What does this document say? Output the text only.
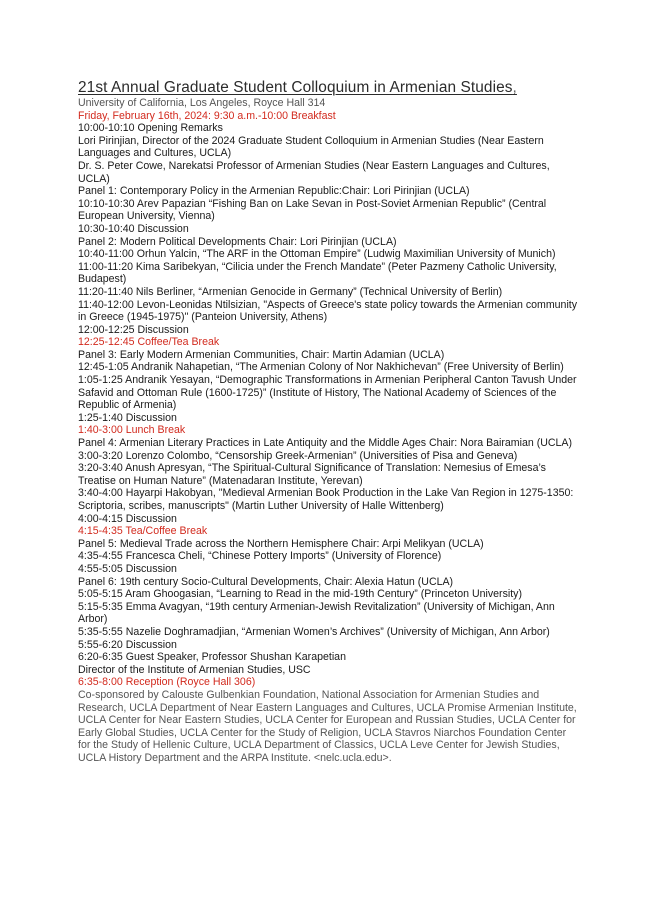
21st Annual Graduate Student Colloquium in Armenian Studies,
University of California, Los Angeles, Royce Hall 314
Friday, February 16th, 2024: 9:30 a.m.-10:00 Breakfast
10:00-10:10 Opening Remarks
Lori Pirinjian, Director of the 2024 Graduate Student Colloquium in Armenian Studies (Near Eastern Languages and Cultures, UCLA)
Dr. S. Peter Cowe, Narekatsi Professor of Armenian Studies (Near Eastern Languages and Cultures, UCLA)
Panel 1: Contemporary Policy in the Armenian Republic:Chair: Lori Pirinjian (UCLA)
10:10-10:30 Arev Papazian “Fishing Ban on Lake Sevan in Post-Soviet Armenian Republic” (Central European University, Vienna)
10:30-10:40 Discussion
Panel 2: Modern Political Developments Chair: Lori Pirinjian (UCLA)
10:40-11:00 Orhun Yalcin, “The ARF in the Ottoman Empire” (Ludwig Maximilian University of Munich)
11:00-11:20 Kima Saribekyan, “Cilicia under the French Mandate” (Peter Pazmeny Catholic University, Budapest)
11:20-11:40 Nils Berliner, “Armenian Genocide in Germany” (Technical University of Berlin)
11:40-12:00 Levon-Leonidas Ntilsizian, "Aspects of Greece's state policy towards the Armenian community in Greece (1945-1975)" (Panteion University, Athens)
12:00-12:25 Discussion
12:25-12:45 Coffee/Tea Break
Panel 3: Early Modern Armenian Communities, Chair: Martin Adamian (UCLA)
12:45-1:05 Andranik Nahapetian, “The Armenian Colony of Nor Nakhichevan” (Free University of Berlin)
1:05-1:25 Andranik Yesayan, “Demographic Transformations in Armenian Peripheral Canton Tavush Under Safavid and Ottoman Rule (1600-1725)” (Institute of History, The National Academy of Sciences of the Republic of Armenia)
1:25-1:40 Discussion
1:40-3:00 Lunch Break
Panel 4: Armenian Literary Practices in Late Antiquity and the Middle Ages Chair: Nora Bairamian (UCLA)
3:00-3:20 Lorenzo Colombo, “Censorship Greek-Armenian” (Universities of Pisa and Geneva)
3:20-3:40 Anush Apresyan, “The Spiritual-Cultural Significance of Translation: Nemesius of Emesa’s Treatise on Human Nature” (Matenadaran Institute, Yerevan)
3:40-4:00 Hayarpi Hakobyan, "Medieval Armenian Book Production in the Lake Van Region in 1275-1350: Scriptoria, scribes, manuscripts" (Martin Luther University of Halle Wittenberg)
4:00-4:15 Discussion
4:15-4:35 Tea/Coffee Break
Panel 5: Medieval Trade across the Northern Hemisphere Chair: Arpi Melikyan (UCLA)
4:35-4:55 Francesca Cheli, “Chinese Pottery Imports” (University of Florence)
4:55-5:05 Discussion
Panel 6: 19th century Socio-Cultural Developments, Chair: Alexia Hatun (UCLA)
5:05-5:15 Aram Ghoogasian, “Learning to Read in the mid-19th Century” (Princeton University)
5:15-5:35 Emma Avagyan, “19th century Armenian-Jewish Revitalization” (University of Michigan, Ann Arbor)
5:35-5:55 Nazelie Doghramadjian, “Armenian Women’s Archives” (University of Michigan, Ann Arbor)
5:55-6:20 Discussion
6:20-6:35 Guest Speaker, Professor Shushan Karapetian
Director of the Institute of Armenian Studies, USC
6:35-8:00 Reception (Royce Hall 306)
Co-sponsored by Calouste Gulbenkian Foundation, National Association for Armenian Studies and Research, UCLA Department of Near Eastern Languages and Cultures, UCLA Promise Armenian Institute, UCLA Center for Near Eastern Studies, UCLA Center for European and Russian Studies, UCLA Center for Early Global Studies, UCLA Center for the Study of Religion, UCLA Stavros Niarchos Foundation Center for the Study of Hellenic Culture, UCLA Department of Classics, UCLA Leve Center for Jewish Studies, UCLA History Department and the ARPA Institute. <nelc.ucla.edu>.
